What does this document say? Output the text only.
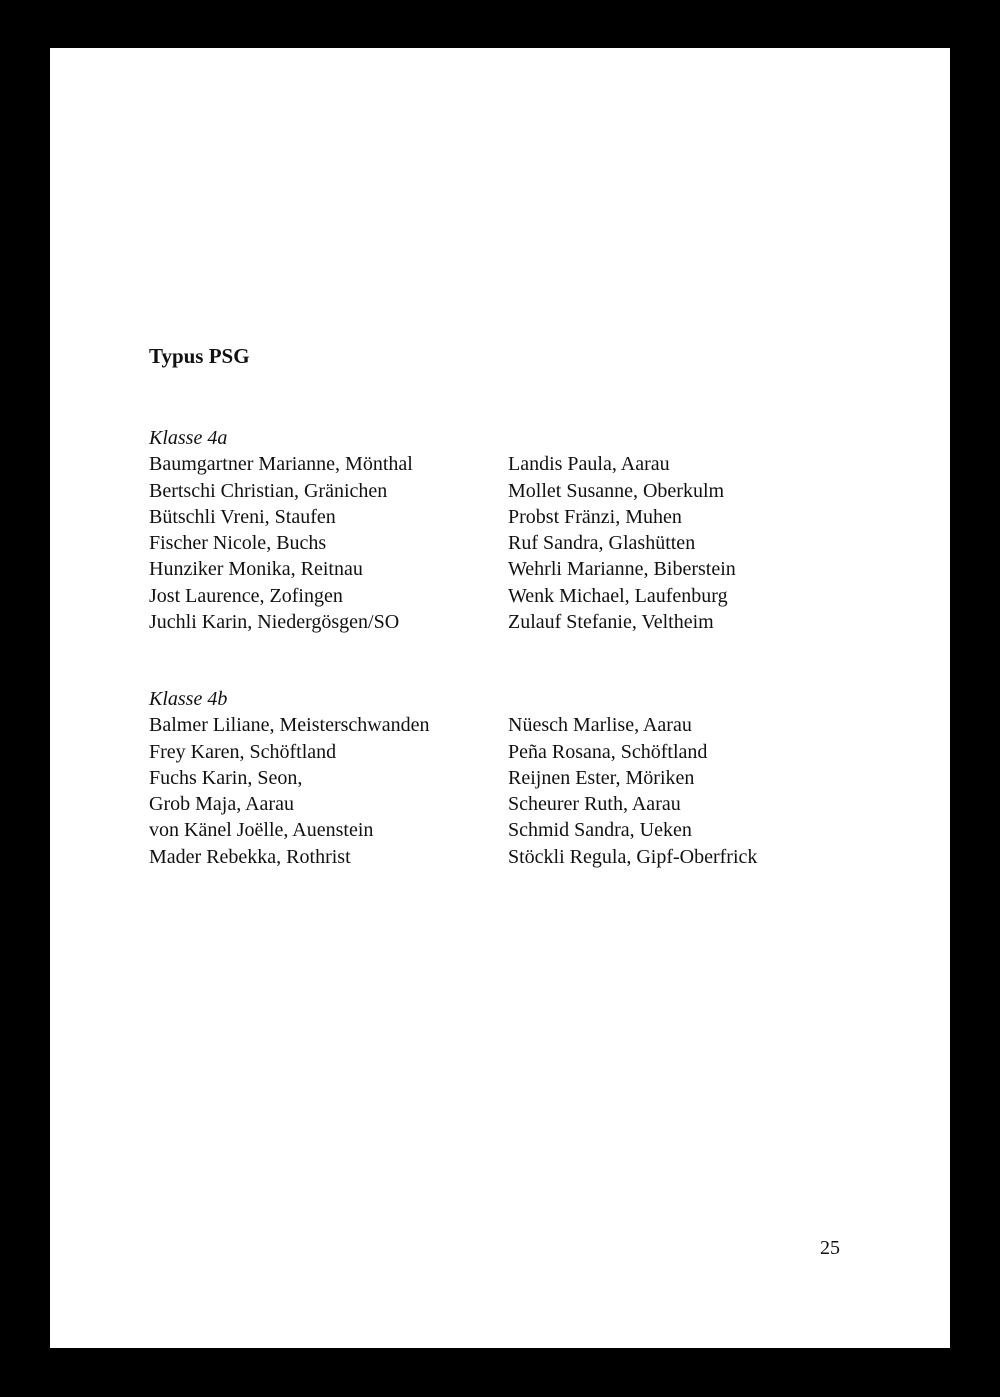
Typus PSG
Klasse 4a
Baumgartner Marianne, Mönthal
Bertschi Christian, Gränichen
Bütschli Vreni, Staufen
Fischer Nicole, Buchs
Hunziker Monika, Reitnau
Jost Laurence, Zofingen
Juchli Karin, Niedergösgen/SO
Landis Paula, Aarau
Mollet Susanne, Oberkulm
Probst Fränzi, Muhen
Ruf Sandra, Glashütten
Wehrli Marianne, Biberstein
Wenk Michael, Laufenburg
Zulauf Stefanie, Veltheim
Klasse 4b
Balmer Liliane, Meisterschwanden
Frey Karen, Schöftland
Fuchs Karin, Seon,
Grob Maja, Aarau
von Känel Joëlle, Auenstein
Mader Rebekka, Rothrist
Nüesch Marlise, Aarau
Peña Rosana, Schöftland
Reijnen Ester, Möriken
Scheurer Ruth, Aarau
Schmid Sandra, Ueken
Stöckli Regula, Gipf-Oberfrick
25
